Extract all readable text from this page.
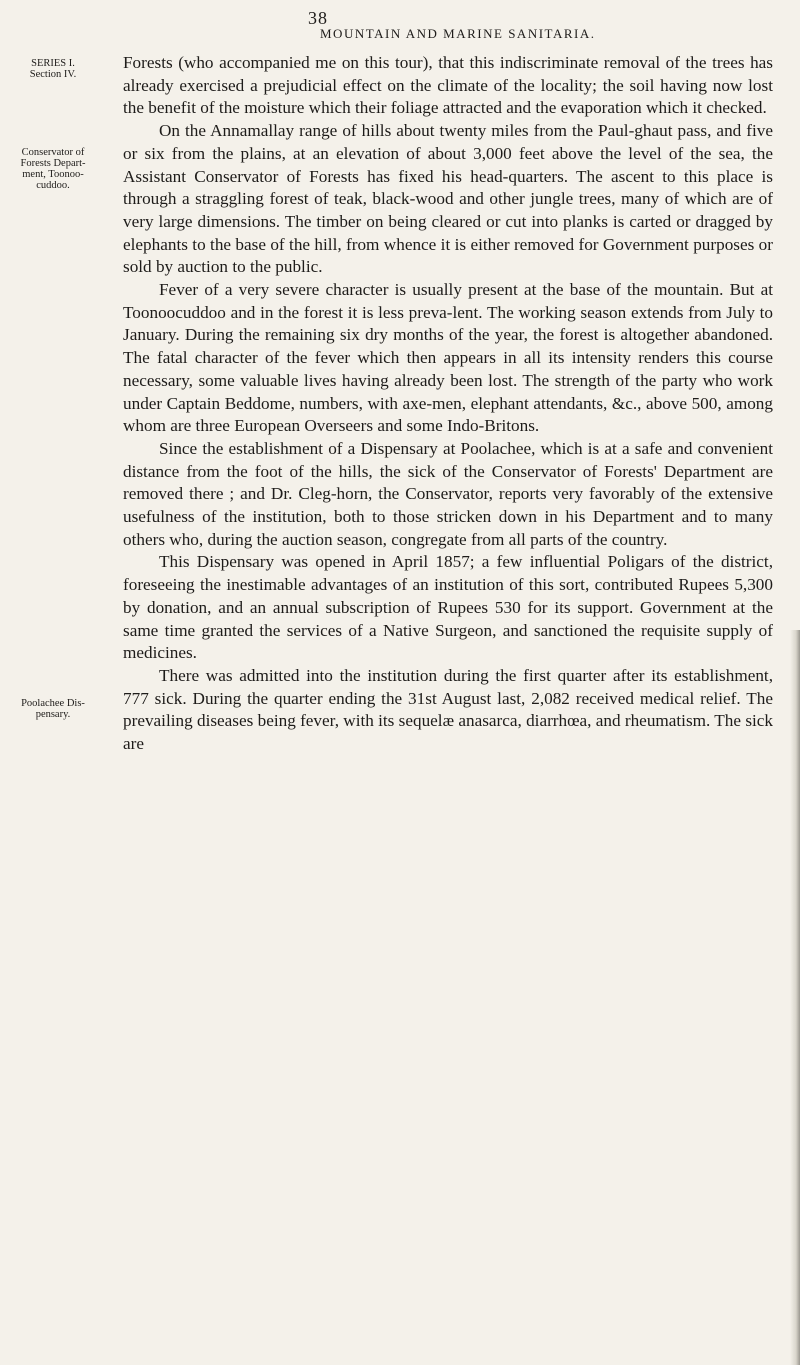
38
MOUNTAIN AND MARINE SANITARIA.
SERIES I.
Section IV.
Conservator of
Forests Depart-
ment, Toonoo-
cuddoo.
Poolachee Dis-
pensary.

Forests (who accompanied me on this tour), that this indiscriminate removal of the trees has already exercised a prejudicial effect on the climate of the locality; the soil having now lost the benefit of the moisture which their foliage attracted and the evaporation which it checked.

On the Annamallay range of hills about twenty miles from the Paul-ghaut pass, and five or six from the plains, at an elevation of about 3,000 feet above the level of the sea, the Assistant Conservator of Forests has fixed his head-quarters. The ascent to this place is through a straggling forest of teak, black-wood and other jungle trees, many of which are of very large dimensions. The timber on being cleared or cut into planks is carted or dragged by elephants to the base of the hill, from whence it is either removed for Government purposes or sold by auction to the public.

Fever of a very severe character is usually present at the base of the mountain. But at Toonoocuddoo and in the forest it is less preva-lent. The working season extends from July to January. During the remaining six dry months of the year, the forest is altogether abandoned. The fatal character of the fever which then appears in all its intensity renders this course necessary, some valuable lives having already been lost. The strength of the party who work under Captain Beddome, numbers, with axe-men, elephant attendants, &c., above 500, among whom are three European Overseers and some Indo-Britons.

Since the establishment of a Dispensary at Poolachee, which is at a safe and convenient distance from the foot of the hills, the sick of the Conservator of Forests' Department are removed there ; and Dr. Cleg-horn, the Conservator, reports very favorably of the extensive usefulness of the institution, both to those stricken down in his Department and to many others who, during the auction season, congregate from all parts of the country.

This Dispensary was opened in April 1857; a few influential Poligars of the district, foreseeing the inestimable advantages of an institution of this sort, contributed Rupees 5,300 by donation, and an annual subscription of Rupees 530 for its support. Government at the same time granted the services of a Native Surgeon, and sanctioned the requisite supply of medicines.

There was admitted into the institution during the first quarter after its establishment, 777 sick. During the quarter ending the 31st August last, 2,082 received medical relief. The prevailing diseases being fever, with its sequelæ anasarca, diarrhœa, and rheumatism. The sick are
